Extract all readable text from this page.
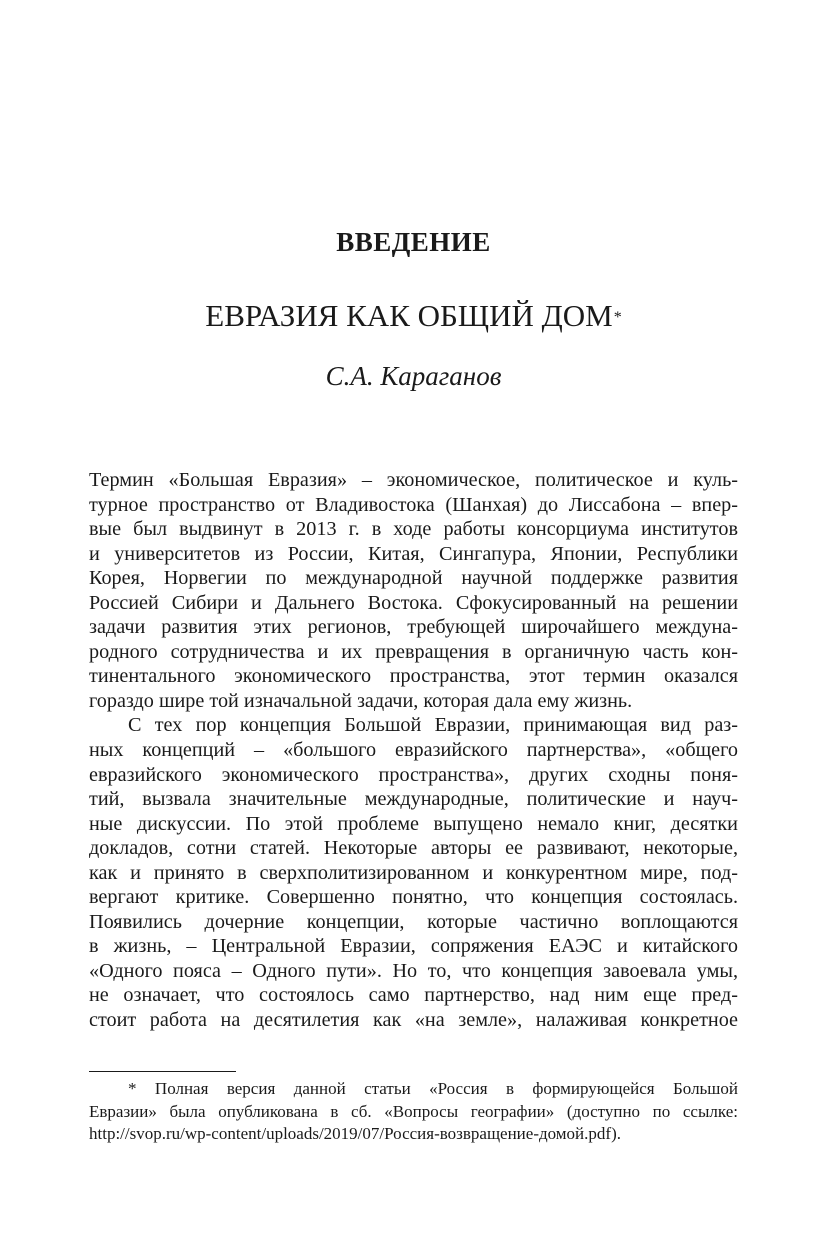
ВВЕДЕНИЕ
ЕВРАЗИЯ КАК ОБЩИЙ ДОМ*
С.А. Караганов

Термин «Большая Евразия» – экономическое, политическое и куль-
турное пространство от Владивостока (Шанхая) до Лиссабона – впер-
вые был выдвинут в 2013 г. в ходе работы консорциума институтов
и университетов из России, Китая, Сингапура, Японии, Республики
Корея, Норвегии по международной научной поддержке развития
Россией Сибири и Дальнего Востока. Сфокусированный на решении
задачи развития этих регионов, требующей широчайшего междуна-
родного сотрудничества и их превращения в органичную часть кон-
тинентального экономического пространства, этот термин оказался
гораздо шире той изначальной задачи, которая дала ему жизнь.

С тех пор концепция Большой Евразии, принимающая вид раз-
ных концепций – «большого евразийского партнерства», «общего
евразийского экономического пространства», других сходны поня-
тий, вызвала значительные международные, политические и науч-
ные дискуссии. По этой проблеме выпущено немало книг, десятки
докладов, сотни статей. Некоторые авторы ее развивают, некоторые,
как и принято в сверхполитизированном и конкурентном мире, под-
вергают критике. Совершенно понятно, что концепция состоялась.
Появились дочерние концепции, которые частично воплощаются
в жизнь, – Центральной Евразии, сопряжения ЕАЭС и китайского
«Одного пояса – Одного пути». Но то, что концепция завоевала умы,
не означает, что состоялось само партнерство, над ним еще пред-
стоит работа на десятилетия как «на земле», налаживая конкретное

* Полная версия данной статьи «Россия в формирующейся Большой
Евразии» была опубликована в сб. «Вопросы географии» (доступно по ссылке:
http://svop.ru/wp-content/uploads/2019/07/Россия-возвращение-домой.pdf).
